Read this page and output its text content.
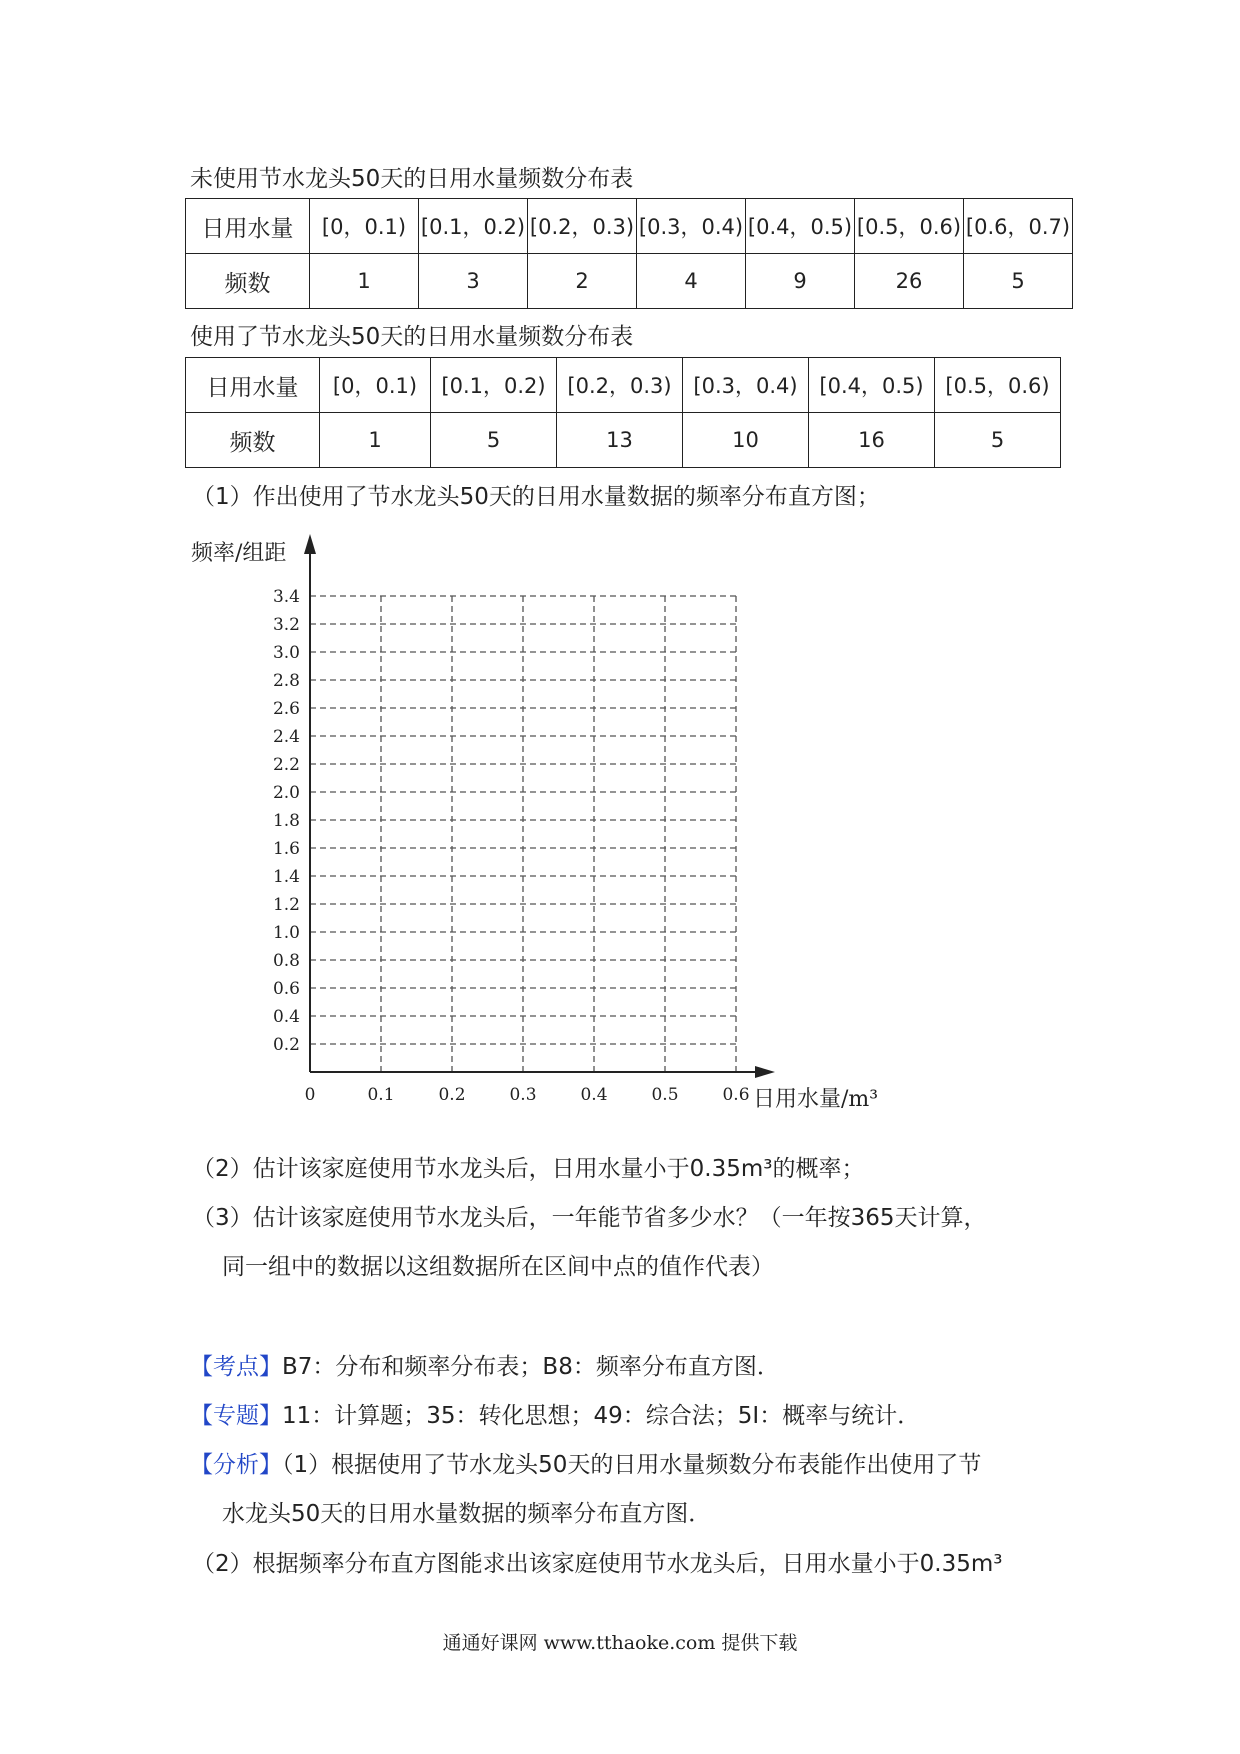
未使用节水龙头50天的日用水量频数分布表
日用水量	[0，0.1)	[0.1，0.2)	[0.2，0.3)	[0.3，0.4)	[0.4，0.5)	[0.5，0.6)	[0.6，0.7)
频数	1	3	2	4	9	26	5
使用了节水龙头50天的日用水量频数分布表
日用水量	[0，0.1)	[0.1，0.2)	[0.2，0.3)	[0.3，0.4)	[0.4，0.5)	[0.5，0.6)
频数	1	5	13	10	16	5
（1）作出使用了节水龙头50天的日用水量数据的频率分布直方图；
频率/组距
日用水量/m³
0.2
0.4
0.6
0.8
1.0
1.2
1.4
1.6
1.8
2.0
2.2
2.4
2.6
2.8
3.0
3.2
3.4
0	0.1	0.2	0.3	0.4	0.5	0.6
（2）估计该家庭使用节水龙头后，日用水量小于0.35m³的概率；
（3）估计该家庭使用节水龙头后，一年能节省多少水？（一年按365天计算，
同一组中的数据以这组数据所在区间中点的值作代表）
【考点】B7：分布和频率分布表；B8：频率分布直方图．
【专题】11：计算题；35：转化思想；49：综合法；5I：概率与统计．
【分析】（1）根据使用了节水龙头50天的日用水量频数分布表能作出使用了节
水龙头50天的日用水量数据的频率分布直方图．
（2）根据频率分布直方图能求出该家庭使用节水龙头后，日用水量小于0.35m³
通通好课网 www.tthaoke.com 提供下载
